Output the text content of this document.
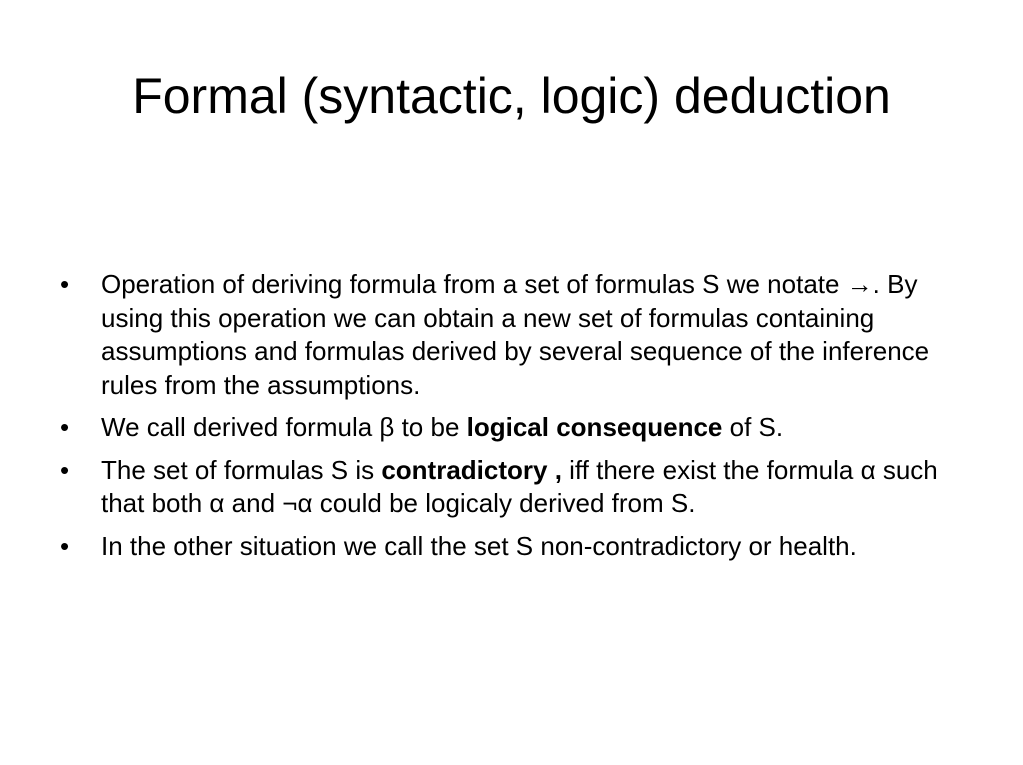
Formal (syntactic, logic) deduction
•	Operation of deriving formula from a set of formulas S we notate →. By using this operation we can obtain a new set of formulas containing assumptions and formulas derived by several sequence of the inference rules from the assumptions.
•	We call derived formula β to be logical consequence of S.
•	The set of formulas S is contradictory , iff there exist the formula α such that both α and ¬α could be logicaly derived from S.
•	In the other situation we call the set S non-contradictory or health.
